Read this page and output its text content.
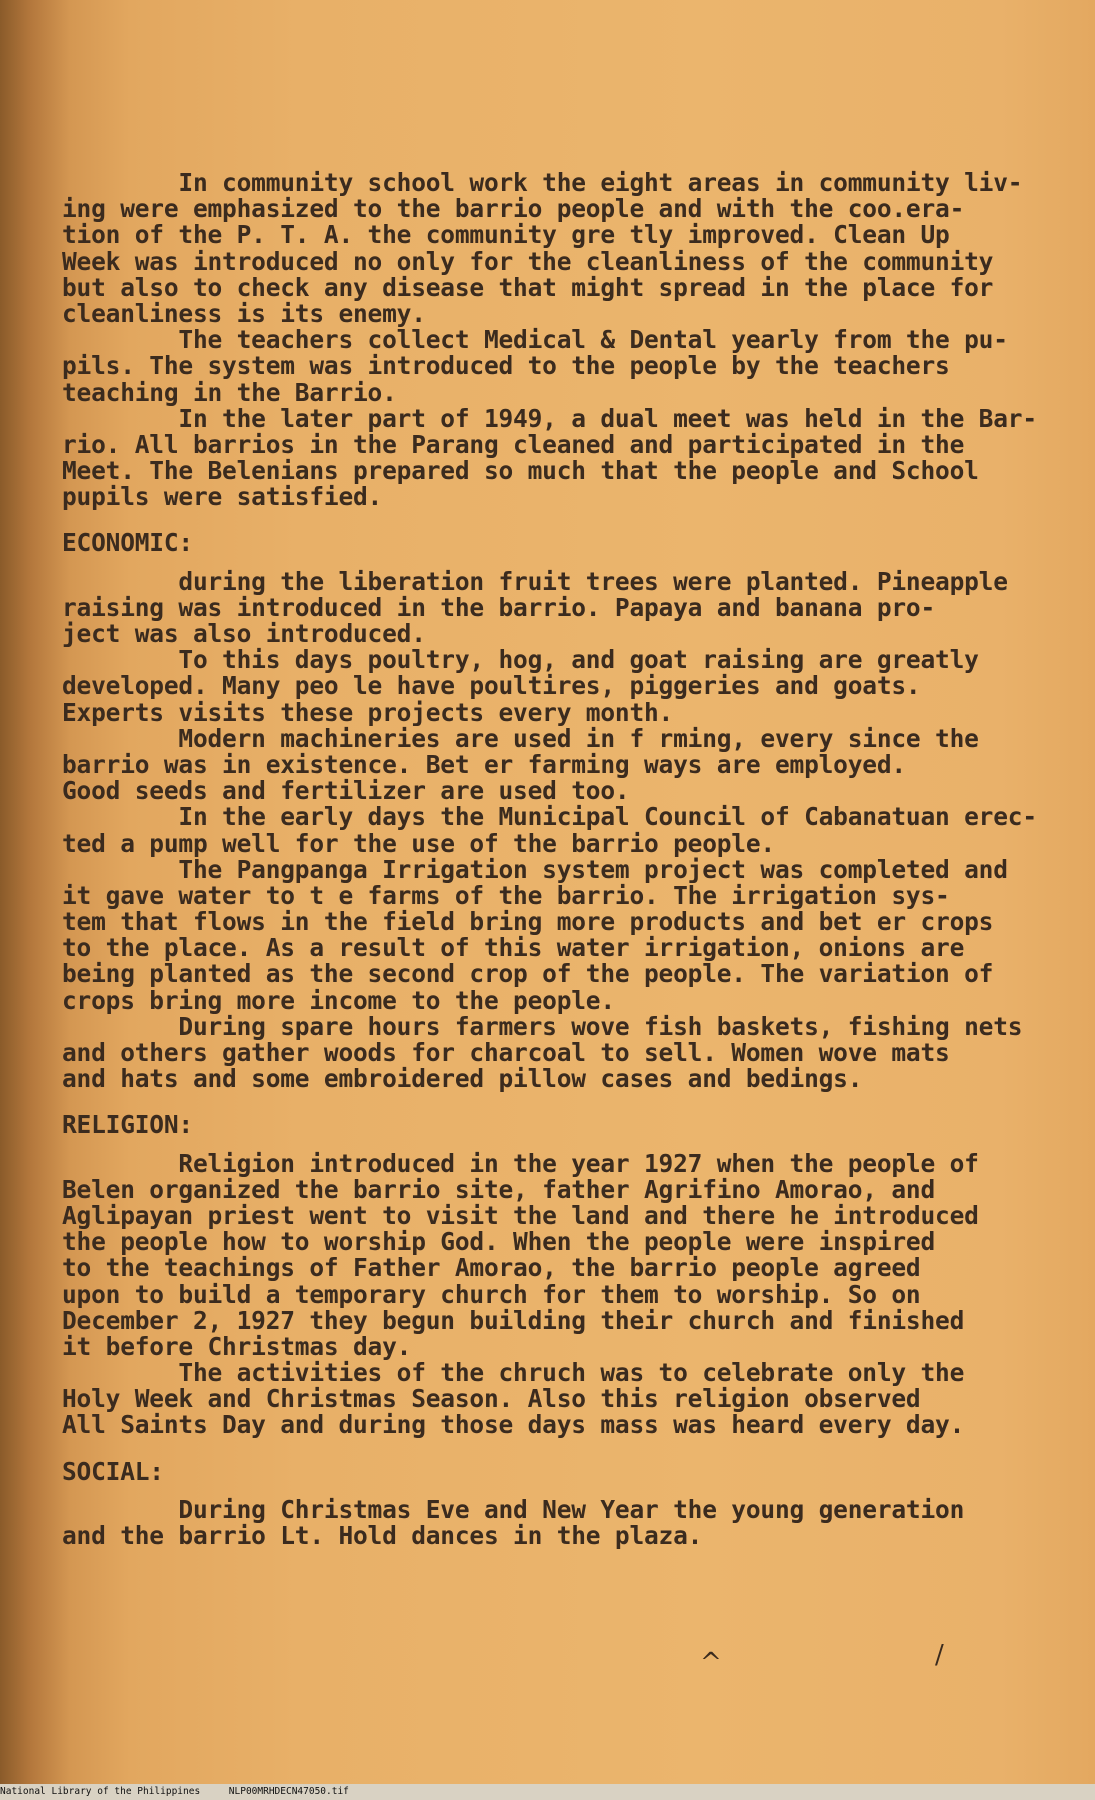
In community school work the eight areas in community liv-
ing were emphasized to the barrio people and with the coo.era-
tion of the P. T. A. the community gre tly improved. Clean Up
Week was introduced no only for the cleanliness of the community
but also to check any disease that might spread in the place for
cleanliness is its enemy.
The teachers collect Medical & Dental yearly from the pu-
pils. The system was introduced to the people by the teachers
teaching in the Barrio.
In the later part of 1949, a dual meet was held in the Bar-
rio. All barrios in the Parang cleaned and participated in the
Meet. The Belenians prepared so much that the people and School
pupils were satisfied.
ECONOMIC:
during the liberation fruit trees were planted. Pineapple
raising was introduced in the barrio. Papaya and banana pro-
ject was also introduced.
To this days poultry, hog, and goat raising are greatly
developed. Many peo le have poultires, piggeries and goats.
Experts visits these projects every month.
Modern machineries are used in f rming, every since the
barrio was in existence. Bet er farming ways are employed.
Good seeds and fertilizer are used too.
In the early days the Municipal Council of Cabanatuan erec-
ted a pump well for the use of the barrio people.
The Pangpanga Irrigation system project was completed and
it gave water to t e farms of the barrio. The irrigation sys-
tem that flows in the field bring more products and bet er crops
to the place. As a result of this water irrigation, onions are
being planted as the second crop of the people. The variation of
crops bring more income to the people.
During spare hours farmers wove fish baskets, fishing nets
and others gather woods for charcoal to sell. Women wove mats
and hats and some embroidered pillow cases and bedings.
RELIGION:
Religion introduced in the year 1927 when the people of
Belen organized the barrio site, father Agrifino Amorao, and
Aglipayan priest went to visit the land and there he introduced
the people how to worship God. When the people were inspired
to the teachings of Father Amorao, the barrio people agreed
upon to build a temporary church for them to worship. So on
December 2, 1927 they begun building their church and finished
it before Christmas day.
The activities of the chruch was to celebrate only the
Holy Week and Christmas Season. Also this religion observed
All Saints Day and during those days mass was heard every day.
SOCIAL:
During Christmas Eve and New Year the young generation
and the barrio Lt. Hold dances in the plaza.
^	/
National Library of the Philippines	NLP00MRHDECN47050.tif
